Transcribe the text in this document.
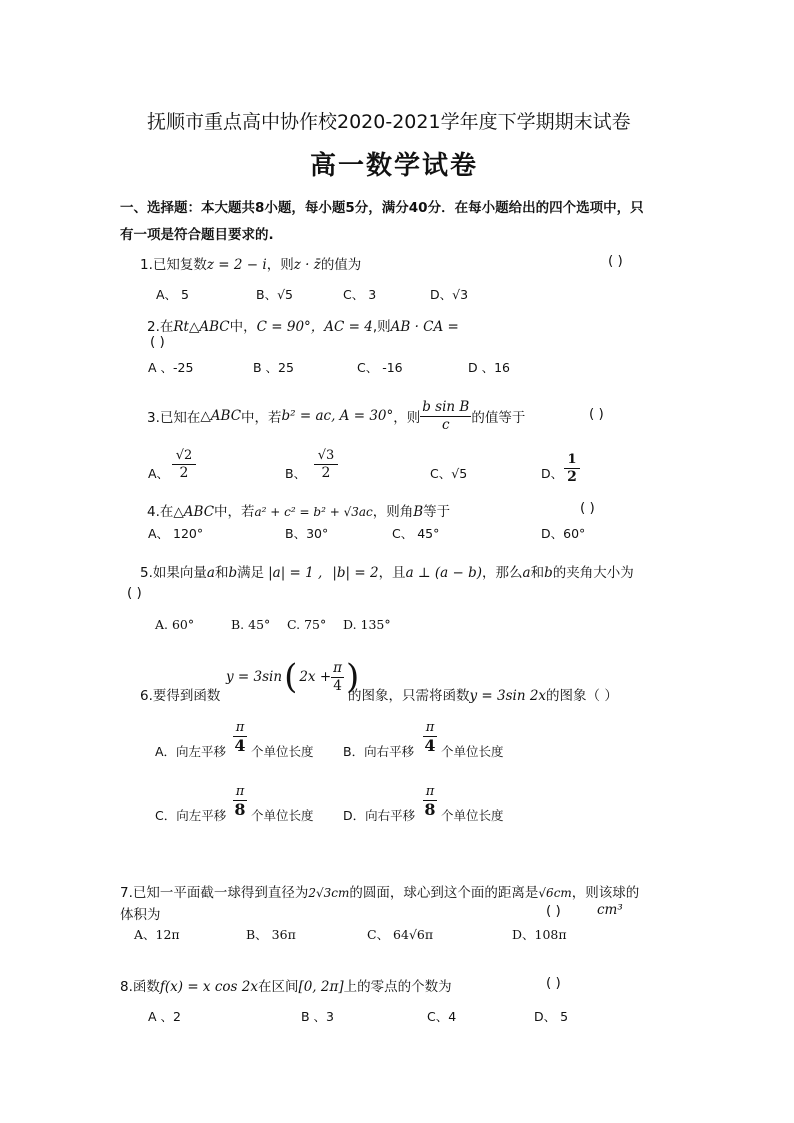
抚顺市重点高中协作校2020-2021学年度下学期期末试卷
高一数学试卷
一、选择题：本大题共8小题，每小题5分，满分40分．在每小题给出的四个选项中，只
有一项是符合题目要求的.
1.已知复数z = 2 − i，则z · z̄的值为	( )
A、 5	B、√5	C、 3	D、√3
2.在Rt△ABC中，C = 90°，AC = 4,则AB · CA =
( )
A 、-25	B 、25	C、 -16	D 、16
3.已知在 △ABC 中，若 b² = ac, A = 30° ，则 $\frac{\text{b sin B}}{c}$ 的值等于	( )
A、 $\frac{√2}{2}$	B、 $\frac{√3}{2}$	C、√5	D、 $\frac{1}{2}$
4.在△ABC中，若a² + c² = b² + √3ac，则角B等于	( )
A、 120°	B、30°	C、 45°	D、60°
5.如果向量a和b满足 |a| = 1 , |b| = 2，且a ⊥ (a − b)，那么a和b的夹角大小为
( )
A. 60°	B. 45° C. 75° D. 135°
6.要得到函数
y = 3sin ( $2x + \frac{\pi}{4}$ )
的图象，只需将函数y = 3sin 2x的图象（ ）
A．向左平移
π
4 个单位长度 B．向右平移
π
4 个单位长度
C．向左平移
π
8 个单位长度 D．向右平移
π
8 个单位长度
7.已知一平面截一球得到直径为2√3cm的圆面，球心到这个面的距离是√6cm，则该球的
体积为	( )	cm³
A、12π	B、 36π	C、 64√6π	D、108π
8.函数f(x) = x cos 2x在区间[0, 2π]上的零点的个数为	( )
A 、2	B 、3	C、4	D、 5
